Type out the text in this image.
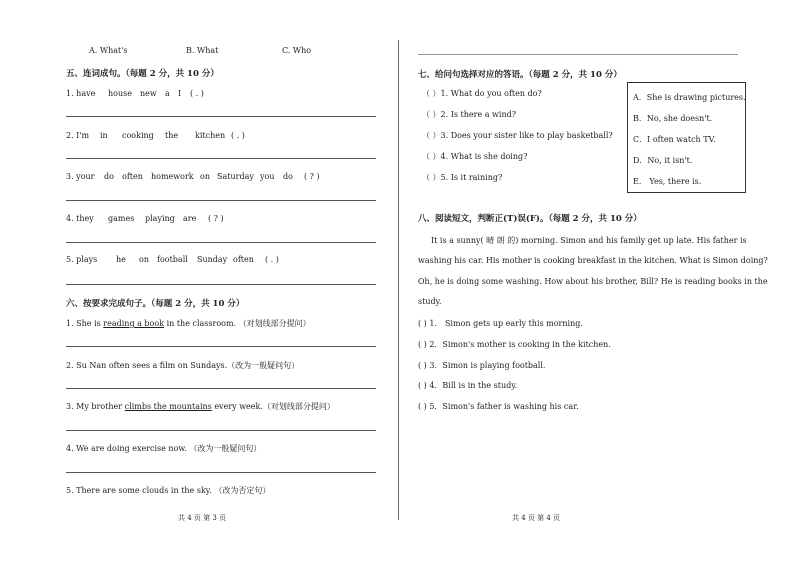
A. What's	B. What	C. Who
五、连词成句。（每题 2 分，共 10 分）
1. have house new a I ( . )
2. I'm in cooking the kitchen ( . )
3. your do often homework on Saturday you do ( ? )
4. they games playing are ( ? )
5. plays he on football Sunday often ( . )
六、按要求完成句子。（每题 2 分，共 10 分）
1. She is reading a book in the classroom. （对划线部分提问）
2. Su Nan often sees a film on Sundays.（改为一般疑问句）
3. My brother climbs the mountains every week.（对划线部分提问）
4. We are doing exercise now. （改为一般疑问句）
5. There are some clouds in the sky. （改为否定句）
共 4 页 第 3 页
七、给问句选择对应的答语。（每题 2 分，共 10 分）
（ ）1. What do you often do?
（ ）2. Is there a wind?
（ ）3. Does your sister like to play basketball?
（ ）4. What is she doing?
（ ）5. Is it raining?
A．She is drawing pictures.
B．No, she doesn't.
C．I often watch TV.
D．No, it isn't.
E． Yes, there is.
八、阅读短文，判断正(T)误(F)。（每题 2 分，共 10 分）
It is a sunny( 晴 朗 的) morning. Simon and his family get up late. His father is
washing his car. His mother is cooking breakfast in the kitchen. What is Simon doing?
Oh, he is doing some washing. How about his brother, Bill? He is reading books in the
study.
( ) 1． Simon gets up early this morning.
( ) 2．Simon's mother is cooking in the kitchen.
( ) 3．Simon is playing football.
( ) 4．Bill is in the study.
( ) 5．Simon's father is washing his car.
共 4 页 第 4 页
